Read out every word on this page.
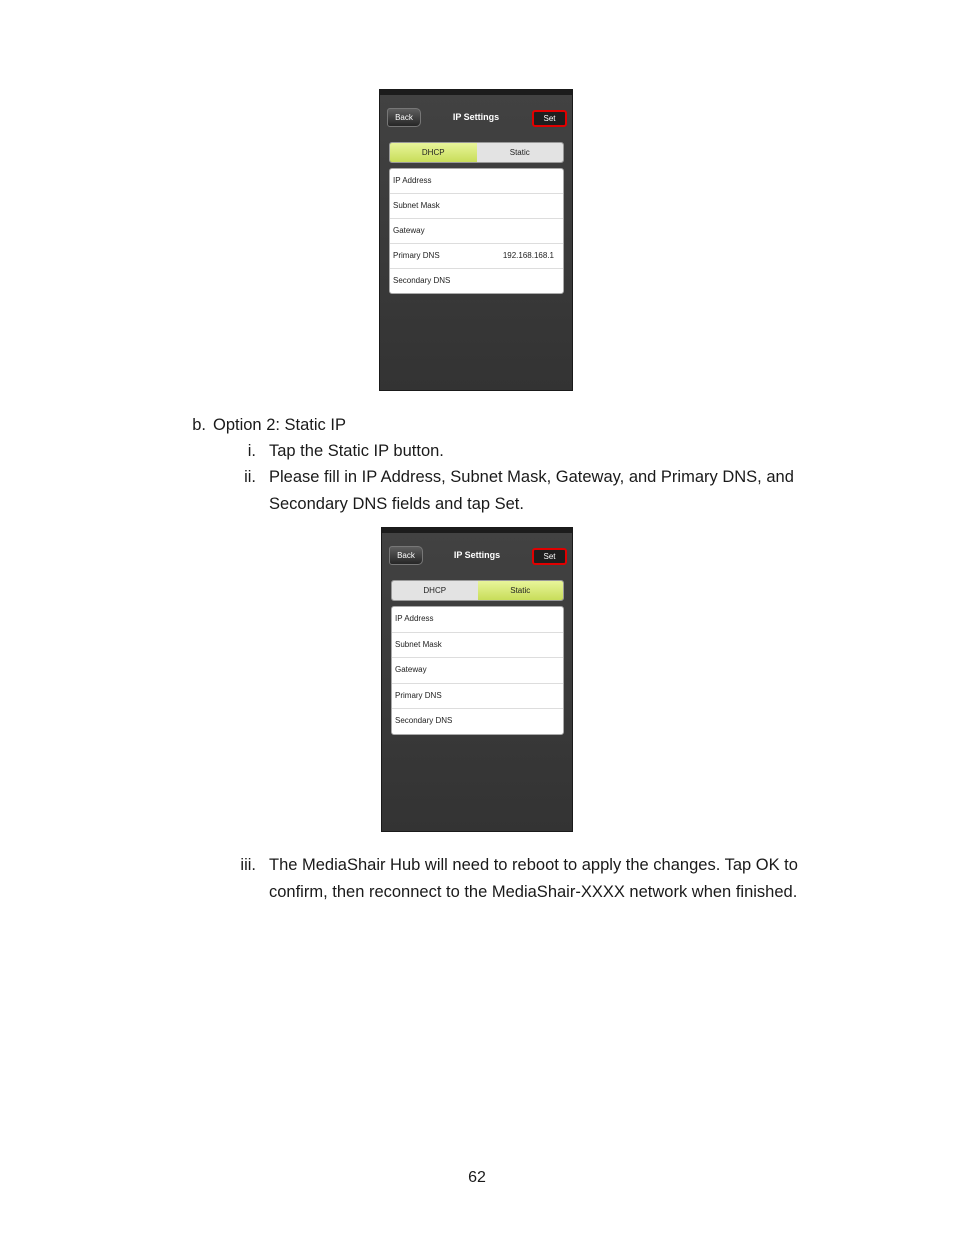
Back	IP Settings	Set
DHCP	Static
IP Address
Subnet Mask
Gateway
Primary DNS	192.168.168.1
Secondary DNS
b. Option 2: Static IP
i. Tap the Static IP button.
ii. Please fill in IP Address, Subnet Mask, Gateway, and Primary DNS, and
Secondary DNS fields and tap Set.
Back	IP Settings	Set
DHCP	Static
IP Address
Subnet Mask
Gateway
Primary DNS
Secondary DNS
iii. The MediaShair Hub will need to reboot to apply the changes. Tap OK to
confirm, then reconnect to the MediaShair-XXXX network when finished.
62
